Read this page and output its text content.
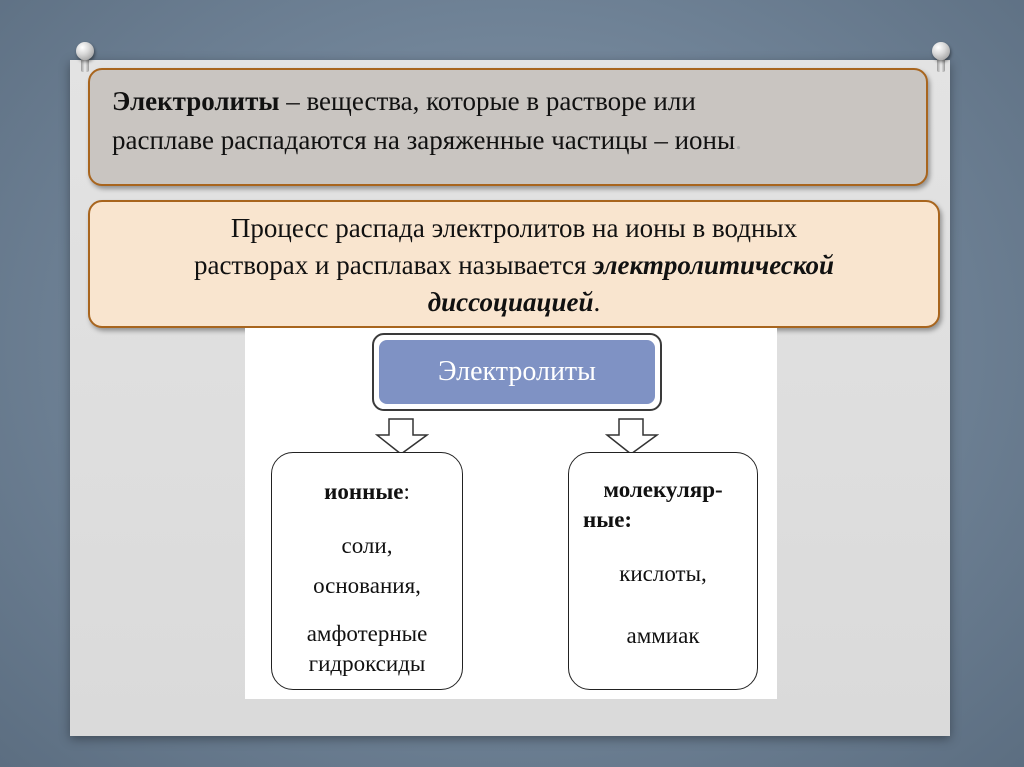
Электролиты – вещества, которые в растворе или
расплаве распадаются на заряженные частицы – ионы.
Процесс распада электролитов на ионы в водных
растворах и расплавах называется электролитической
диссоциацией.
Электролиты
ионные:
соли,
основания,
амфотерные
гидроксиды
молекуляр-
ные:
кислоты,
аммиак
